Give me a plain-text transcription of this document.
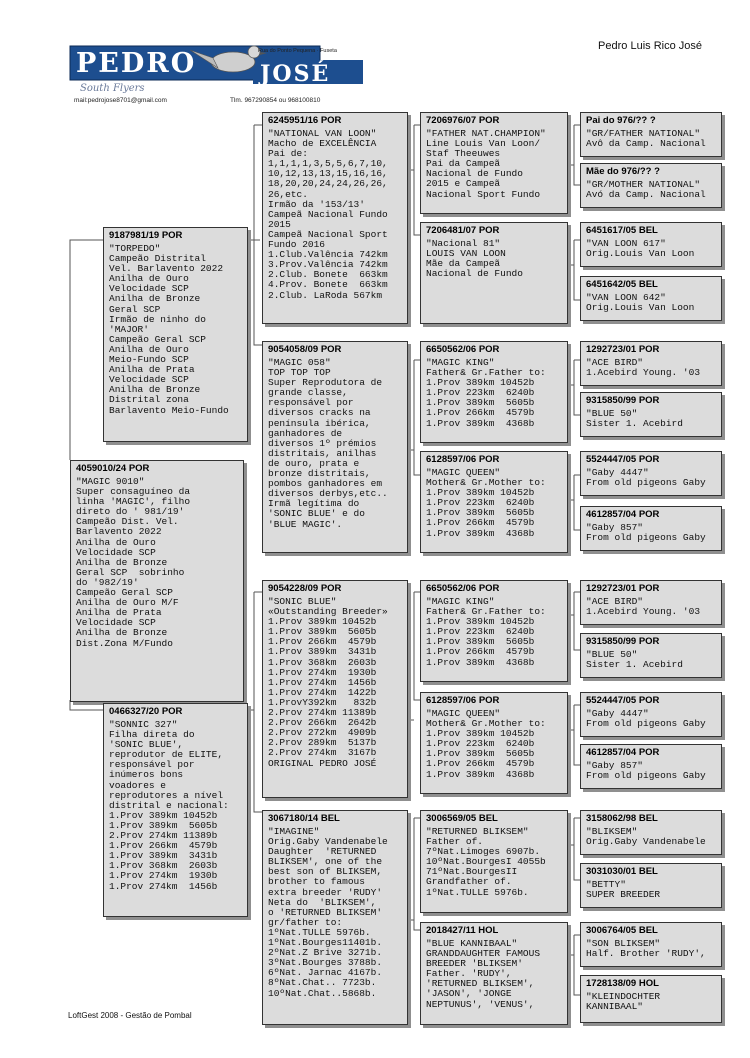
PEDRO	JOSÉ
Rua do Ponto Pequena · Fuseta
South Flyers
mail:pedrojose8701@gmail.com	Tlm. 967290854 ou 968100810
Pedro Luis Rico José
4059010/24 POR
"MAGIC 9010"
Super consaguíneo da
linha 'MAGIC', filho
direto do ' 981/19'
Campeão Dist. Vel.
Barlavento 2022
Anilha de Ouro
Velocidade SCP
Anilha de Bronze
Geral SCP  sobrinho
do '982/19'
Campeão Geral SCP
Anilha de Ouro M/F
Anilha de Prata
Velocidade SCP
Anilha de Bronze
Dist.Zona M/Fundo
9187981/19 POR
"TORPEDO"
Campeão Distrital
Vel. Barlavento 2022
Anilha de Ouro
Velocidade SCP
Anilha de Bronze
Geral SCP
Irmão de ninho do
'MAJOR'
Campeão Geral SCP
Anilha de Ouro
Meio-Fundo SCP
Anilha de Prata
Velocidade SCP
Anilha de Bronze
Distrital zona
Barlavento Meio-Fundo
0466327/20 POR
"SONNIC 327"
Filha direta do
'SONIC BLUE',
reprodutor de ELITE,
responsável por
inúmeros bons
voadores e
reprodutores a nível
distrital e nacional:
1.Prov 389km 10452b
1.Prov 389km  5605b
2.Prov 274km 11389b
1.Prov 266km  4579b
1.Prov 389km  3431b
1.Prov 368km  2603b
1.Prov 274km  1930b
1.Prov 274km  1456b
6245951/16 POR
"NATIONAL VAN LOON"
Macho de EXCELÊNCIA
Pai de:
1,1,1,1,3,5,5,6,7,10,
10,12,13,13,15,16,16,
18,20,20,24,24,26,26,
26,etc.
Irmão da '153/13'
Campeã Nacional Fundo
2015
Campeã Nacional Sport
Fundo 2016
1.Club.Valência 742km
3.Prov.Valência 742km
2.Club. Bonete  663km
4.Prov. Bonete  663km
2.Club. LaRoda 567km
9054058/09 POR
"MAGIC 058"
TOP TOP TOP
Super Reprodutora de
grande classe,
responsável por
diversos cracks na
península ibérica,
ganhadores de
diversos 1º prémios
distritais, anilhas
de ouro, prata e
bronze distritais,
pombos ganhadores em
diversos derbys,etc..
Irmã legítima do
'SONIC BLUE' e do
'BLUE MAGIC'.
9054228/09 POR
"SONIC BLUE"
«Outstanding Breeder»
1.Prov 389km 10452b
1.Prov 389km  5605b
1.Prov 266km  4579b
1.Prov 389km  3431b
1.Prov 368km  2603b
1.Prov 274km  1930b
1.Prov 274km  1456b
1.Prov 274km  1422b
1.ProvY392km   832b
2.Prov 274km 11389b
2.Prov 266km  2642b
2.Prov 272km  4909b
2.Prov 289km  5137b
2.Prov 274km  3167b
ORIGINAL PEDRO JOSÉ
3067180/14 BEL
"IMAGINE"
Orig.Gaby Vandenabele
Daughter  'RETURNED
BLIKSEM', one of the
best son of BLIKSEM,
brother to famous
extra breeder 'RUDY'
Neta do  'BLIKSEM',
o 'RETURNED BLIKSEM'
gr/father to:
1ºNat.TULLE 5976b.
1ºNat.Bourges11401b.
2ºNat.Z Brive 3271b.
3ºNat.Bourges 3788b.
6ºNat. Jarnac 4167b.
8ºNat.Chat.. 7723b.
10ºNat.Chat..5868b.
7206976/07 POR
"FATHER NAT.CHAMPION"
Line Louis Van Loon/
Staf Theeuwes
Pai da Campeã
Nacional de Fundo
2015 e Campeã
Nacional Sport Fundo
7206481/07 POR
"Nacional 81"
LOUIS VAN LOON
Mãe da Campeã
Nacional de Fundo
6650562/06 POR
"MAGIC KING"
Father& Gr.Father to:
1.Prov 389km 10452b
1.Prov 223km  6240b
1.Prov 389km  5605b
1.Prov 266km  4579b
1.Prov 389km  4368b
6128597/06 POR
"MAGIC QUEEN"
Mother& Gr.Mother to:
1.Prov 389km 10452b
1.Prov 223km  6240b
1.Prov 389km  5605b
1.Prov 266km  4579b
1.Prov 389km  4368b
6650562/06 POR
"MAGIC KING"
Father& Gr.Father to:
1.Prov 389km 10452b
1.Prov 223km  6240b
1.Prov 389km  5605b
1.Prov 266km  4579b
1.Prov 389km  4368b
6128597/06 POR
"MAGIC QUEEN"
Mother& Gr.Mother to:
1.Prov 389km 10452b
1.Prov 223km  6240b
1.Prov 389km  5605b
1.Prov 266km  4579b
1.Prov 389km  4368b
3006569/05 BEL
"RETURNED BLIKSEM"
Father of.
7ºNat.Limoges 6907b.
10ºNat.BourgesI 4055b
71ºNat.BourgesII
Grandfather of.
1ºNat.TULLE 5976b.
2018427/11 HOL
"BLUE KANNIBAAL"
GRANDDAUGHTER FAMOUS
BREEDER 'BLIKSEM'
Father. 'RUDY',
'RETURNED BLIKSEM',
'JASON', 'JONGE
NEPTUNUS', 'VENUS',
Pai do 976/?? ?
"GR/FATHER NATIONAL"
Avô da Camp. Nacional
Mãe do 976/?? ?
"GR/MOTHER NATIONAL"
Avó da Camp. Nacional
6451617/05 BEL
"VAN LOON 617"
Orig.Louis Van Loon
6451642/05 BEL
"VAN LOON 642"
Orig.Louis Van Loon
1292723/01 POR
"ACE BIRD"
1.Acebird Young. '03
9315850/99 POR
"BLUE 50"
Sister 1. Acebird
5524447/05 POR
"Gaby 4447"
From old pigeons Gaby
4612857/04 POR
"Gaby 857"
From old pigeons Gaby
1292723/01 POR
"ACE BIRD"
1.Acebird Young. '03
9315850/99 POR
"BLUE 50"
Sister 1. Acebird
5524447/05 POR
"Gaby 4447"
From old pigeons Gaby
4612857/04 POR
"Gaby 857"
From old pigeons Gaby
3158062/98 BEL
"BLIKSEM"
Orig.Gaby Vandenabele
3031030/01 BEL
"BETTY"
SUPER BREEDER
3006764/05 BEL
"SON BLIKSEM"
Half. Brother 'RUDY',
1728138/09 HOL
"KLEINDOCHTER
KANNIBAAL"
LoftGest 2008 - Gestão de Pombal
